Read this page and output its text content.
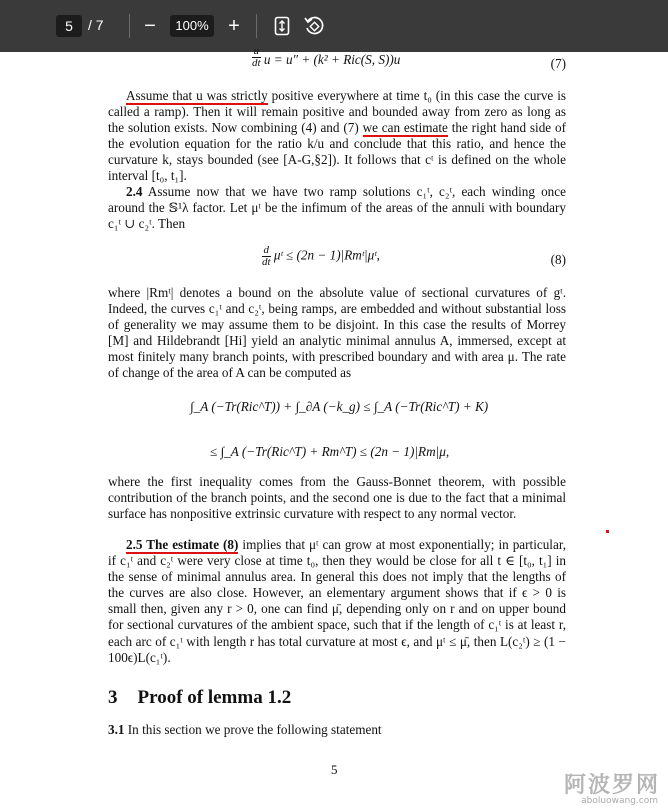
5	/ 7	−	100% +
$\frac{u}{dt}$ u = u″ + (k² + Ric(S, S))u	(7)
Assume that u was strictly positive everywhere at time t₀ (in this case the curve is called a ramp). Then it will remain positive and bounded away from zero as long as the solution exists. Now combining (4) and (7) we can estimate the right hand side of the evolution equation for the ratio k/u and conclude that this ratio, and hence the curvature k, stays bounded (see [A-G,§2]). It follows that cᵗ is defined on the whole interval [t₀, t₁].
2.4 Assume now that we have two ramp solutions c₁ᵗ, c₂ᵗ, each winding once around the 𝕊¹λ factor. Let μᵗ be the infimum of the areas of the annuli with boundary c₁ᵗ ∪ c₂ᵗ. Then
$\frac{d}{dt}$ μᵗ ≤ (2n − 1)|Rmᵗ|μᵗ,	(8)
where |Rmᵗ| denotes a bound on the absolute value of sectional curvatures of gᵗ. Indeed, the curves c₁ᵗ and c₂ᵗ, being ramps, are embedded and without substantial loss of generality we may assume them to be disjoint. In this case the results of Morrey [M] and Hildebrandt [Hi] yield an analytic minimal annulus A, immersed, except at most finitely many branch points, with prescribed boundary and with area μ. The rate of change of the area of A can be computed as
∫_A (−Tr(Ric^T)) + ∫_∂A (−k_g) ≤ ∫_A (−Tr(Ric^T) + K)
≤ ∫_A (−Tr(Ric^T) + Rm^T) ≤ (2n − 1)|Rm|μ,
where the first inequality comes from the Gauss-Bonnet theorem, with possible contribution of the branch points, and the second one is due to the fact that a minimal surface has nonpositive extrinsic curvature with respect to any normal vector.
2.5 The estimate (8) implies that μᵗ can grow at most exponentially; in particular, if c₁ᵗ and c₂ᵗ were very close at time t₀, then they would be close for all t ∈ [t₀, t₁] in the sense of minimal annulus area. In general this does not imply that the lengths of the curves are also close. However, an elementary argument shows that if ϵ > 0 is small then, given any r > 0, one can find μ̄, depending only on r and on upper bound for sectional curvatures of the ambient space, such that if the length of c₁ᵗ is at least r, each arc of c₁ᵗ with length r has total curvature at most ϵ, and μᵗ ≤ μ̄, then L(c₂ᵗ) ≥ (1 − 100ϵ)L(c₁ᵗ).
3 Proof of lemma 1.2
3.1 In this section we prove the following statement
5
阿波罗网
aboluowang.com
